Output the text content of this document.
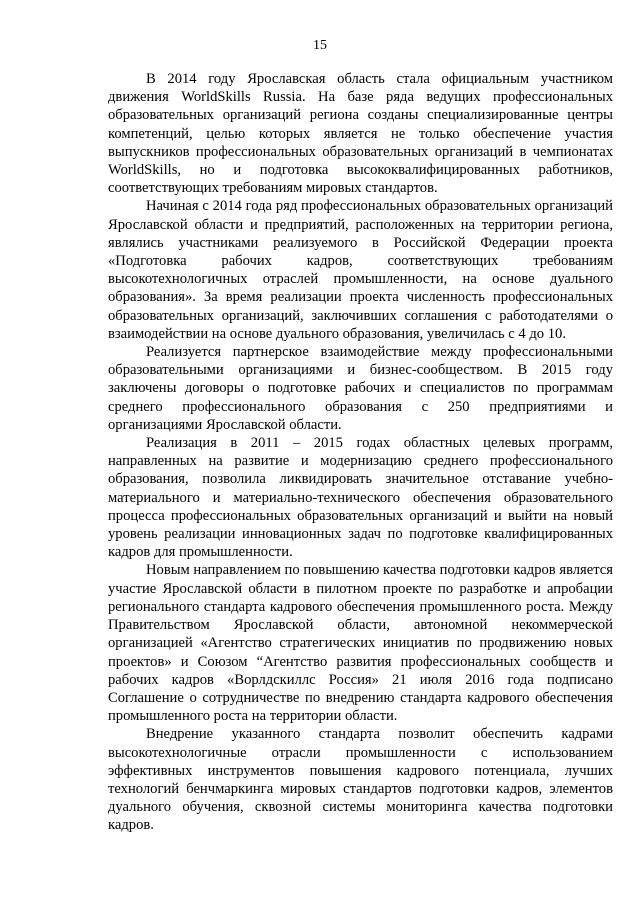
15

В 2014 году Ярославская область стала официальным участником движения WorldSkills Russia. На базе ряда ведущих профессиональных образовательных организаций региона созданы специализированные центры компетенций, целью которых является не только обеспечение участия выпускников профессиональных образовательных организаций в чемпионатах WorldSkills, но и подготовка высококвалифицированных работников, соответствующих требованиям мировых стандартов.

Начиная с 2014 года ряд профессиональных образовательных организаций Ярославской области и предприятий, расположенных на территории региона, являлись участниками реализуемого в Российской Федерации проекта «Подготовка рабочих кадров, соответствующих требованиям высокотехнологичных отраслей промышленности, на основе дуального образования». За время реализации проекта численность профессиональных образовательных организаций, заключивших соглашения с работодателями о взаимодействии на основе дуального образования, увеличилась с 4 до 10.

Реализуется партнерское взаимодействие между профессиональными образовательными организациями и бизнес-сообществом. В 2015 году заключены договоры о подготовке рабочих и специалистов по программам среднего профессионального образования с 250 предприятиями и организациями Ярославской области.

Реализация в 2011 – 2015 годах областных целевых программ, направленных на развитие и модернизацию среднего профессионального образования, позволила ликвидировать значительное отставание учебно-материального и материально-технического обеспечения образовательного процесса профессиональных образовательных организаций и выйти на новый уровень реализации инновационных задач по подготовке квалифицированных кадров для промышленности.

Новым направлением по повышению качества подготовки кадров является участие Ярославской области в пилотном проекте по разработке и апробации регионального стандарта кадрового обеспечения промышленного роста. Между Правительством Ярославской области, автономной некоммерческой организацией «Агентство стратегических инициатив по продвижению новых проектов» и Союзом “Агентство развития профессиональных сообществ и рабочих кадров «Ворлдскиллс Россия» 21 июля 2016 года подписано Соглашение о сотрудничестве по внедрению стандарта кадрового обеспечения промышленного роста на территории области.

Внедрение указанного стандарта позволит обеспечить кадрами высокотехнологичные отрасли промышленности с использованием эффективных инструментов повышения кадрового потенциала, лучших технологий бенчмаркинга мировых стандартов подготовки кадров, элементов дуального обучения, сквозной системы мониторинга качества подготовки кадров.
